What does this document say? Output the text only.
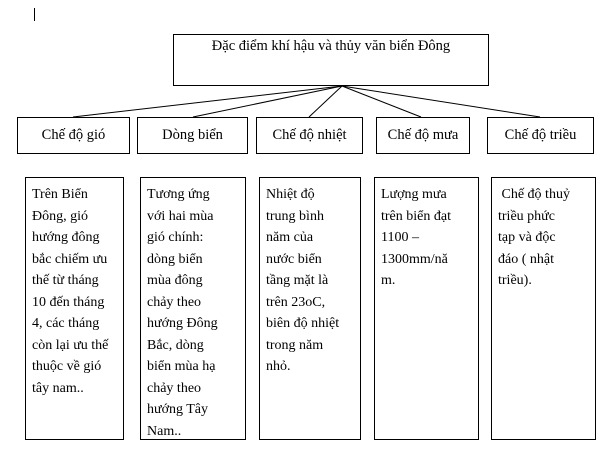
Đặc điểm khí hậu và thủy văn biển Đông
Chế độ gió	Dòng biển	Chế độ nhiệt	Chế độ mưa	Chế độ triều
Trên Biển
Đông, gió
hướng đông
bắc chiếm ưu
thế từ tháng
10 đến tháng
4, các tháng
còn lại ưu thế
thuộc về gió
tây nam..
Tương ứng
với hai mùa
gió chính:
dòng biển
mùa đông
chảy theo
hướng Đông
Bắc, dòng
biển mùa hạ
chảy theo
hướng Tây
Nam..
Nhiệt độ
trung bình
năm của
nước biển
tầng mặt là
trên 23oC,
biên độ nhiệt
trong năm
nhỏ.
Lượng mưa
trên biển đạt
1100 –
1300mm/nă
m.
Chế độ thuỷ
triều phức
tạp và độc
đáo ( nhật
triều).
